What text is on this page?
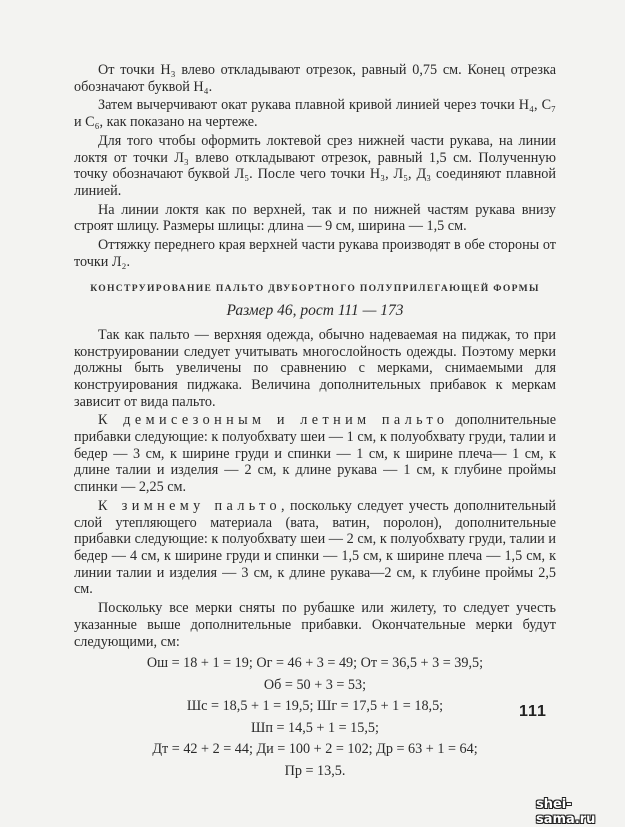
От точки Н₃ влево откладывают отрезок, равный 0,75 см. Конец отрезка обозначают буквой Н₄.

Затем вычерчивают окат рукава плавной кривой линией через точки Н₄, С₇ и С₆, как показано на чертеже.

Для того чтобы оформить локтевой срез нижней части рукава, на линии локтя от точки Л₃ влево откладывают отрезок, равный 1,5 см. Полученную точку обозначают буквой Л₅. После чего точки Н₃, Л₅, Д₃ соединяют плавной линией.

На линии локтя как по верхней, так и по нижней частям рукава внизу строят шлицу. Размеры шлицы: длина — 9 см, ширина — 1,5 см.

Оттяжку переднего края верхней части рукава производят в обе стороны от точки Л₂.

КОНСТРУИРОВАНИЕ ПАЛЬТО ДВУБОРТНОГО ПОЛУПРИЛЕГАЮЩЕЙ ФОРМЫ
Размер 46, рост 111 — 173

Так как пальто — верхняя одежда, обычно надеваемая на пиджак, то при конструировании следует учитывать многослойность одежды. Поэтому мерки должны быть увеличены по сравнению с мерками, снимаемыми для конструирования пиджака. Величина дополнительных прибавок к меркам зависит от вида пальто.

К демисезонным и летним пальто дополнительные прибавки следующие: к полуобхвату шеи — 1 см, к полуобхвату груди, талии и бедер — 3 см, к ширине груди и спинки — 1 см, к ширине плеча— 1 см, к длине талии и изделия — 2 см, к длине рукава — 1 см, к глубине проймы спинки — 2,25 см.

К зимнему пальто, поскольку следует учесть дополнительный слой утепляющего материала (вата, ватин, поролон), дополнительные прибавки следующие: к полуобхвату шеи — 2 см, к полуобхвату груди, талии и бедер — 4 см, к ширине груди и спинки — 1,5 см, к ширине плеча — 1,5 см, к линии талии и изделия — 3 см, к длине рукава—2 см, к глубине проймы 2,5 см.

Поскольку все мерки сняты по рубашке или жилету, то следует учесть указанные выше дополнительные прибавки. Окончательные мерки будут следующими, см:

Oш = 18 + 1 = 19; Oг = 46 + 3 = 49; Oт = 36,5 + 3 = 39,5;

Oб = 50 + 3 = 53;

Шс = 18,5 + 1 = 19,5; Шг = 17,5 + 1 = 18,5;

Шп = 14,5 + 1 = 15,5;

Дт = 42 + 2 = 44; Ди = 100 + 2 = 102; Др = 63 + 1 = 64;

Пр = 13,5.

111
shei-sama.ru
